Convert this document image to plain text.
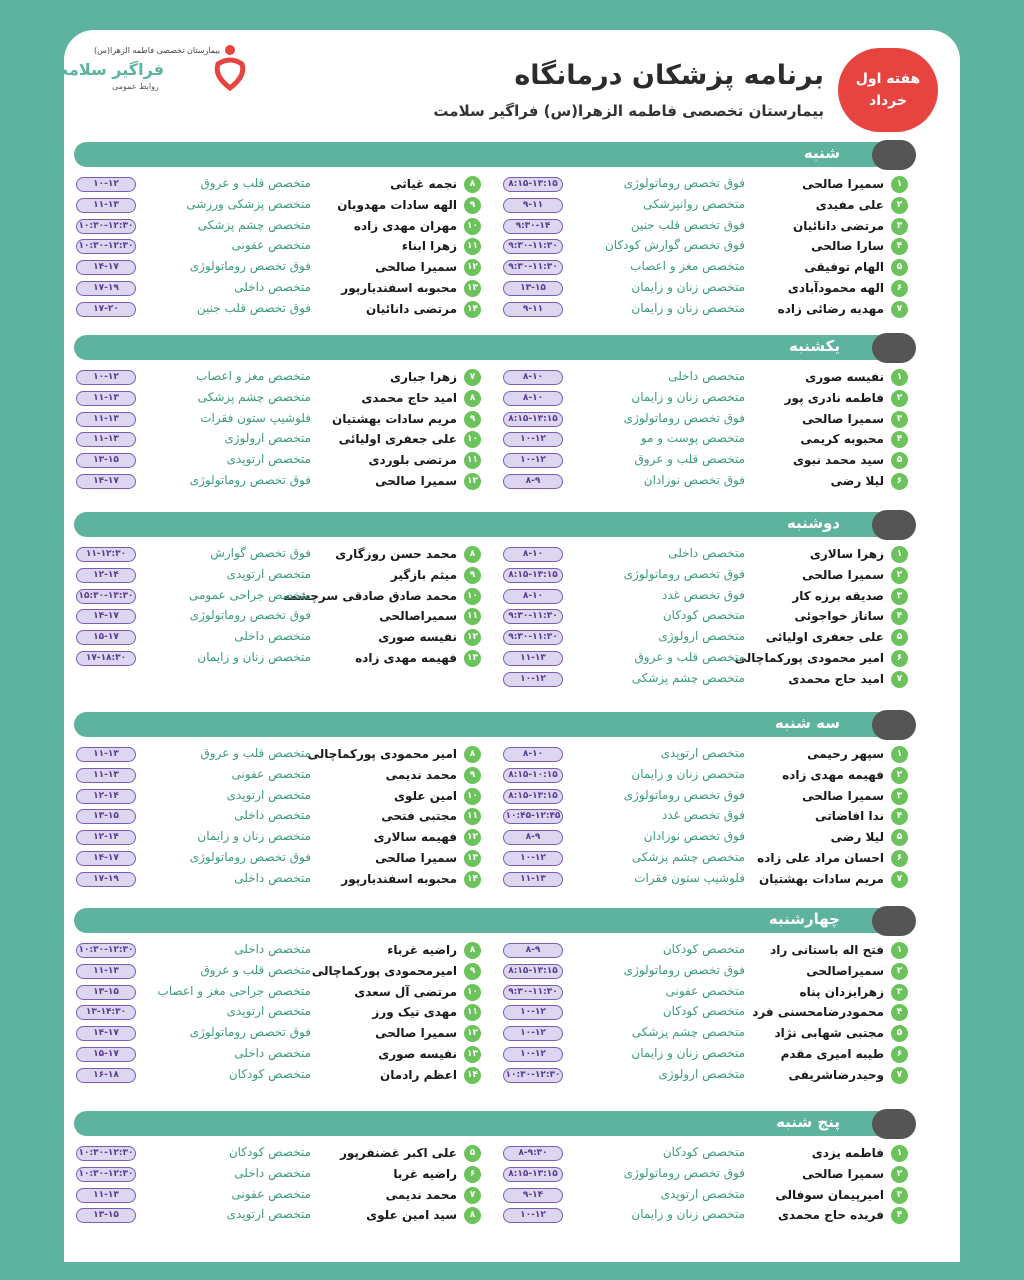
بیمارستان تخصصی فاطمه الزهرا(س)
فراگیر سلامت
روابط عمومی	برنامه پزشکان درمانگاه
بیمارستان تخصصی فاطمه الزهرا(س) فراگیر سلامت
هفته اول
خرداد
شنبه
۱
سمیرا صالحی
فوق تخصص روماتولوژی
۸:۱۵-۱۳:۱۵
۲
علی مفیدی
متخصص روانپزشکی
۹-۱۱
۳
مرتضی دانائیان
فوق تخصص قلب جنین
۹:۳۰-۱۴
۴
سارا صالحی
فوق تخصص گوارش کودکان
۹:۳۰-۱۱:۳۰
۵
الهام توفیقی
متخصص مغز و اعصاب
۹:۳۰-۱۱:۳۰
۶
الهه محمودآبادی
متخصص زنان و زایمان
۱۳-۱۵
۷
مهدیه رضائی زاده
متخصص زنان و زایمان
۹-۱۱
۸
نجمه غیاثی
متخصص قلب و عروق
۱۰-۱۲
۹
الهه سادات مهدویان
متخصص پزشکی ورزشی
۱۱-۱۳
۱۰
مهران مهدی زاده
متخصص چشم پزشکی
۱۰:۳۰-۱۲:۳۰
۱۱
زهرا ابناء
متخصص عفونی
۱۰:۳۰-۱۲:۳۰
۱۲
سمیرا صالحی
فوق تخصص روماتولوژی
۱۴-۱۷
۱۳
محبوبه اسفندیارپور
متخصص داخلی
۱۷-۱۹
۱۴
مرتضی دانائیان
فوق تخصص قلب جنین
۱۷-۲۰
یکشنبه
۱
نفیسه صوری
متخصص داخلی
۸-۱۰
۲
فاطمه نادری پور
متخصص زنان و زایمان
۸-۱۰
۳
سمیرا صالحی
فوق تخصص روماتولوژی
۸:۱۵-۱۳:۱۵
۴
محبوبه کریمی
متخصص پوست و مو
۱۰-۱۲
۵
سید محمد نبوی
متخصص قلب و عروق
۱۰-۱۲
۶
لیلا رضی
فوق تخصص نوزادان
۸-۹
۷
زهرا جباری
متخصص مغز و اعصاب
۱۰-۱۲
۸
امید حاج محمدی
متخصص چشم پزشکی
۱۱-۱۳
۹
مریم سادات بهشتیان
فلوشیپ ستون فقرات
۱۱-۱۳
۱۰
علی جعفری اولیائی
متخصص ارولوژی
۱۱-۱۳
۱۱
مرتضی بلوردی
متخصص ارتوپدی
۱۳-۱۵
۱۲
سمیرا صالحی
فوق تخصص روماتولوژی
۱۴-۱۷
دوشنبه
۱
زهرا سالاری
متخصص داخلی
۸-۱۰
۲
سمیرا صالحی
فوق تخصص روماتولوژی
۸:۱۵-۱۳:۱۵
۳
صدیقه برزه کار
فوق تخصص غدد
۸-۱۰
۴
ساناز خواجوئی
متخصص کودکان
۹:۳۰-۱۱:۳۰
۵
علی جعفری اولیائی
متخصص ارولوژی
۹:۳۰-۱۱:۳۰
۶
امیر محمودی پورکماچالی
متخصص قلب و عروق
۱۱-۱۳
۷
امید حاج محمدی
متخصص چشم پزشکی
۱۰-۱۲
۸
محمد حسن روزگاری
فوق تخصص گوارش
۱۱-۱۲:۳۰
۹
میثم بازگیر
متخصص ارتوپدی
۱۲-۱۴
۱۰
محمد صادق صادقی سرچشمه
متخصص جراحی عمومی
۱۵:۳۰-۱۳:۳۰
۱۱
سمیراصالحی
فوق تخصص روماتولوژی
۱۴-۱۷
۱۲
نفیسه صوری
متخصص داخلی
۱۵-۱۷
۱۳
فهیمه مهدی زاده
متخصص زنان و زایمان
۱۷-۱۸:۳۰
سه شنبه
۱
سپهر رحیمی
متخصص ارتوپدی
۸-۱۰
۲
فهیمه مهدی زاده
متخصص زنان و زایمان
۸:۱۵-۱۰:۱۵
۳
سمیرا صالحی
فوق تخصص روماتولوژی
۸:۱۵-۱۳:۱۵
۴
ندا افاضاتی
فوق تخصص غدد
۱۰:۴۵-۱۲:۴۵
۵
لیلا رضی
فوق تخصص نوزادان
۸-۹
۶
احسان مراد علی زاده
متخصص چشم پزشکی
۱۰-۱۲
۷
مریم سادات بهشتیان
فلوشیپ ستون فقرات
۱۱-۱۳
۸
امیر محمودی پورکماچالی
متخصص قلب و عروق
۱۱-۱۳
۹
محمد ندیمی
متخصص عفونی
۱۱-۱۳
۱۰
امین علوی
متخصص ارتوپدی
۱۲-۱۴
۱۱
مجتبی فتحی
متخصص داخلی
۱۳-۱۵
۱۲
فهیمه سالاری
متخصص زنان و زایمان
۱۲-۱۴
۱۳
سمیرا صالحی
فوق تخصص روماتولوژی
۱۴-۱۷
۱۴
محبوبه اسفندیارپور
متخصص داخلی
۱۷-۱۹
چهارشنبه
۱
فتح اله باستانی راد
متخصص کودکان
۸-۹
۲
سمیراصالحی
فوق تخصص روماتولوژی
۸:۱۵-۱۳:۱۵
۳
زهرایزدان پناه
متخصص عفونی
۹:۳۰-۱۱:۳۰
۴
محمودرضامحسنی فرد
متخصص کودکان
۱۰-۱۲
۵
مجتبی شهابی نژاد
متخصص چشم پزشکی
۱۰-۱۲
۶
طیبه امیری مقدم
متخصص زنان و زایمان
۱۰-۱۲
۷
وحیدرضاشریفی
متخصص ارولوژی
۱۰:۳۰-۱۲:۳۰
۸
راضیه غرباء
متخصص داخلی
۱۰:۳۰-۱۲:۳۰
۹
امیرمحمودی پورکماچالی
متخصص قلب و عروق
۱۱-۱۳
۱۰
مرتضی آل سعدی
متخصص جراحی مغز و اعصاب
۱۳-۱۵
۱۱
مهدی نیک ورز
متخصص ارتوپدی
۱۳-۱۴:۳۰
۱۲
سمیرا صالحی
فوق تخصص روماتولوژی
۱۴-۱۷
۱۳
نفیسه صوری
متخصص داخلی
۱۵-۱۷
۱۴
اعظم رادمان
متخصص کودکان
۱۶-۱۸
پنج شنبه
۱
فاطمه یزدی
متخصص کودکان
۸-۹:۳۰
۲
سمیرا صالحی
فوق تخصص روماتولوژی
۸:۱۵-۱۳:۱۵
۳
امیرپیمان سوفالی
متخصص ارتوپدی
۹-۱۴
۴
فریده حاج محمدی
متخصص زنان و زایمان
۱۰-۱۲
۵
علی اکبر غضنفرپور
متخصص کودکان
۱۰:۳۰-۱۲:۳۰
۶
راضیه غربا
متخصص داخلی
۱۰:۳۰-۱۲:۳۰
۷
محمد ندیمی
متخصص عفونی
۱۱-۱۳
۸
سید امین علوی
متخصص ارتوپدی
۱۳-۱۵
